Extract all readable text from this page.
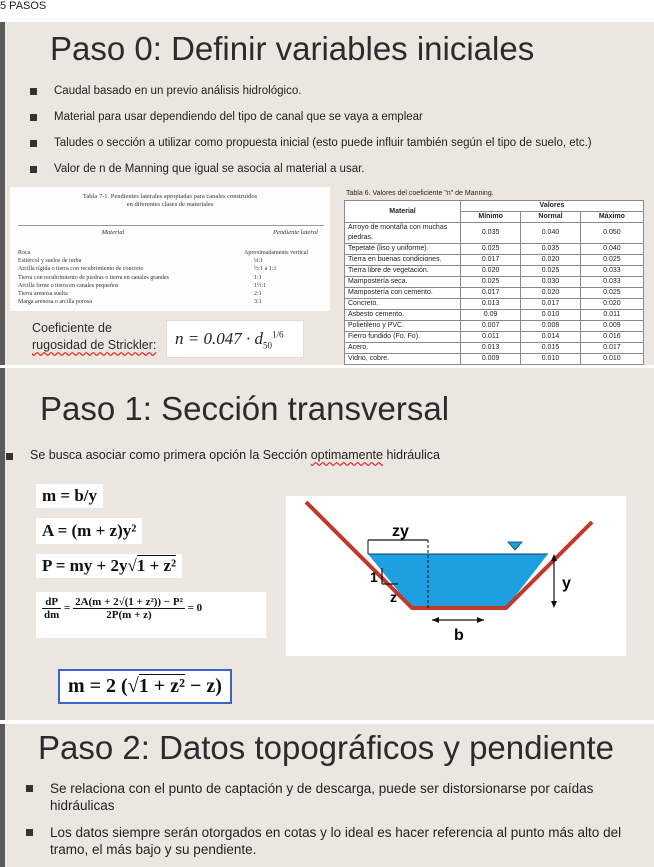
5 PASOS
Paso 0: Definir variables iniciales
Caudal basado en un previo análisis hidrológico.
Material para usar dependiendo del tipo de canal que se vaya a emplear
Taludes o sección a utilizar como propuesta inicial (esto puede influir también según el tipo de suelo, etc.)
Valor de n de Manning que igual se asocia al material a usar.
Tabla 7-1. Pendientes laterales apropiadas para canales construidos
en diferentes clases de materiales
Material	Pendiente lateral
Roca	Aproximadamente vertical
Estiércol y suelos de turba	¼:1
Arcilla rígida o tierra con recubrimiento de concreto	½:1 a 1:1
Tierra con recubrimiento de piedras o tierra en canales grandes	1:1
Arcilla firme o tierra en canales pequeños	1½:1
Tierra arenosa suelta	2:1
Marga arenosa o arcilla porosa	3:1
Coeficiente de
rugosidad de Strickler:	$n = 0.047 \cdot d_{50}^{1/6}$
Tabla 6. Valores del coeficiente "n" de Manning.
Material	Valores		
	Mínimo	Normal	Máximo
Arroyo de montaña con muchas piedras.	0.035	0.040	0.050
Tepetate (liso y uniforme).	0.025	0.035	0.040
Tierra en buenas condiciones.	0.017	0.020	0.025
Tierra libre de vegetación.	0.020	0.025	0.033
Mampostería seca.	0.025	0.030	0.033
Mampostería con cemento.	0.017	0.020	0.025
Concreto.	0.013	0.017	0.020
Asbesto cemento.	0.09	0.010	0.011
Polietileno y PVC.	0.007	0.008	0.009
Fierro fundido (Fo. Fo).	0.011	0.014	0.016
Acero.	0.013	0.015	0.017
Vidrio, cobre.	0.009	0.010	0.010
Paso 1: Sección transversal
Se busca asociar como primera opción la Sección optimamente hidráulica
m = b/y
A = (m + z)y²
P = my + 2y√1 + z²
$\frac{dP}{dm} = \frac{\text{2A(m + 2√(1 + z²)) − P²}}{2P(m + z)} = 0$
m = 2 (√1 + z² − z)
zy
1
z
y
b
Paso 2: Datos topográficos y pendiente
Se relaciona con el punto de captación y de descarga, puede ser distorsionarse por caídas hidráulicas
Los datos siempre serán otorgados en cotas y lo ideal es hacer referencia al punto más alto del tramo, el más bajo y su pendiente.
